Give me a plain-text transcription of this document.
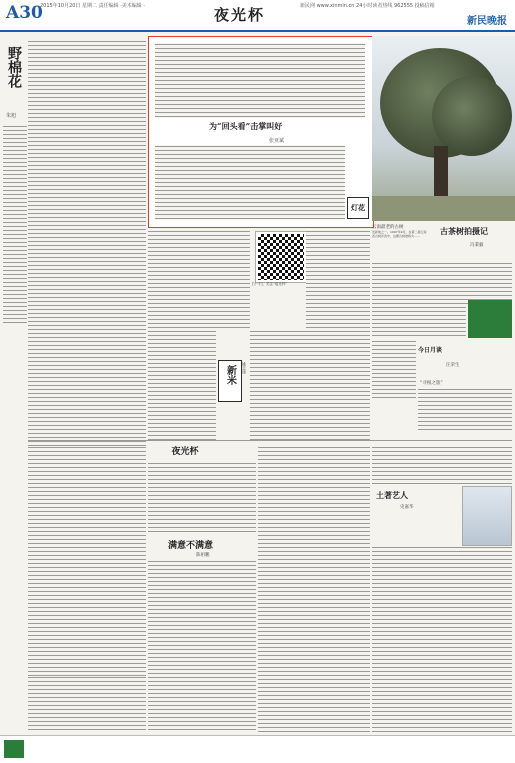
A30
2015年10月20日 星期二 责任编辑 ·美术编辑 ·	夜光杯	新民网 www.xinmin.cn 24小时读者热线 962555 投稿信箱
新民晚报
野棉花
朱旭
为“回头看”击掌叫好
张亚斌
灯花
云南最老的古树
发新地之一。1997年9月，在第二届云南省古树评选中，这棵古树被称为……	古茶树拍摄记
冯秉毅
今日月谈
汪荣生
“寻根之旅”
扫一扫，关注“夜光杯”
新米	姚志康
夜光杯
满意不满意
陈祖鹏
土著艺人
史嘉华
